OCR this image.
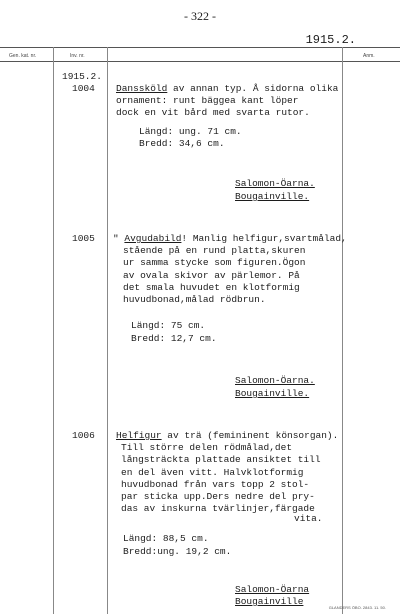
- 322 -
1915.2.
Gen. kat. nr.	Inv. nr.	Anm.
1915.2.
1004 Danssköld av annan typ. Å sidorna olika
ornament: runt bäggea kant löper
dock en vit bård med svarta rutor.
Längd: ung. 71 cm.
Bredd: 34,6 cm.
Salomon-Öarna.
Bougainville.
1005 " Avgudabild! Manlig helfigur,svartmålad,
stående på en rund platta,skuren
ur samma stycke som figuren.Ögon
av ovala skivor av pärlemor. På
det smala huvudet en klotformig
huvudbonad,målad rödbrun.
Längd: 75 cm.
Bredd: 12,7 cm.
Salomon-Öarna.
Bougainville.
1006 Helfigur av trä (femininent könsorgan).
Till större delen rödmålad,det
långsträckta plattade ansiktet till
en del även vitt. Halvklotformig
huvudbonad från vars topp 2 stol-
par sticka upp.Ders nedre del pry-
das av inskurna tvärlinjer,färgade
vita.
Längd: 88,5 cm.
Bredd:ung. 19,2 cm.
Salomon-Öarna
Bougainville
GLANDERS ÖBO. 2843. 11. 50.
